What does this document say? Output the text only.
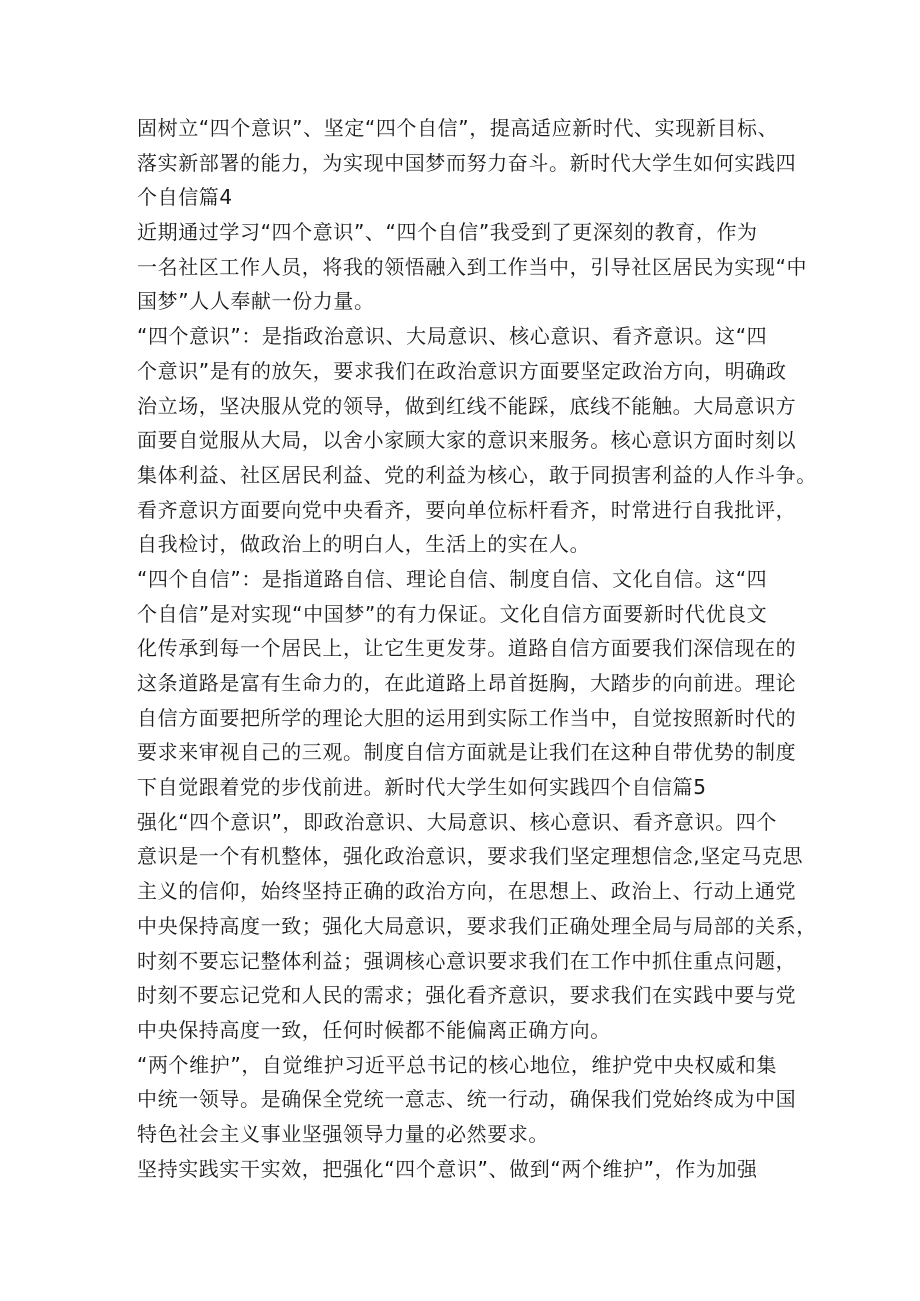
固树立“四个意识”、坚定“四个自信”，提高适应新时代、实现新目标、
落实新部署的能力，为实现中国梦而努力奋斗。新时代大学生如何实践四
个自信篇4
近期通过学习“四个意识”、“四个自信”我受到了更深刻的教育，作为
一名社区工作人员，将我的领悟融入到工作当中，引导社区居民为实现“中
国梦”人人奉献一份力量。
“四个意识”：是指政治意识、大局意识、核心意识、看齐意识。这“四
个意识”是有的放矢，要求我们在政治意识方面要坚定政治方向，明确政
治立场，坚决服从党的领导，做到红线不能踩，底线不能触。大局意识方
面要自觉服从大局，以舍小家顾大家的意识来服务。核心意识方面时刻以
集体利益、社区居民利益、党的利益为核心，敢于同损害利益的人作斗争。
看齐意识方面要向党中央看齐，要向单位标杆看齐，时常进行自我批评，
自我检讨，做政治上的明白人，生活上的实在人。
“四个自信”：是指道路自信、理论自信、制度自信、文化自信。这“四
个自信”是对实现“中国梦”的有力保证。文化自信方面要新时代优良文
化传承到每一个居民上，让它生更发芽。道路自信方面要我们深信现在的
这条道路是富有生命力的，在此道路上昂首挺胸，大踏步的向前进。理论
自信方面要把所学的理论大胆的运用到实际工作当中，自觉按照新时代的
要求来审视自己的三观。制度自信方面就是让我们在这种自带优势的制度
下自觉跟着党的步伐前进。新时代大学生如何实践四个自信篇5
强化“四个意识”，即政治意识、大局意识、核心意识、看齐意识。四个
意识是一个有机整体，强化政治意识，要求我们坚定理想信念,坚定马克思
主义的信仰，始终坚持正确的政治方向，在思想上、政治上、行动上通党
中央保持高度一致；强化大局意识，要求我们正确处理全局与局部的关系，
时刻不要忘记整体利益；强调核心意识要求我们在工作中抓住重点问题，
时刻不要忘记党和人民的需求；强化看齐意识，要求我们在实践中要与党
中央保持高度一致，任何时候都不能偏离正确方向。
“两个维护”，自觉维护习近平总书记的核心地位，维护党中央权威和集
中统一领导。是确保全党统一意志、统一行动，确保我们党始终成为中国
特色社会主义事业坚强领导力量的必然要求。
坚持实践实干实效，把强化“四个意识”、做到“两个维护”，作为加强
